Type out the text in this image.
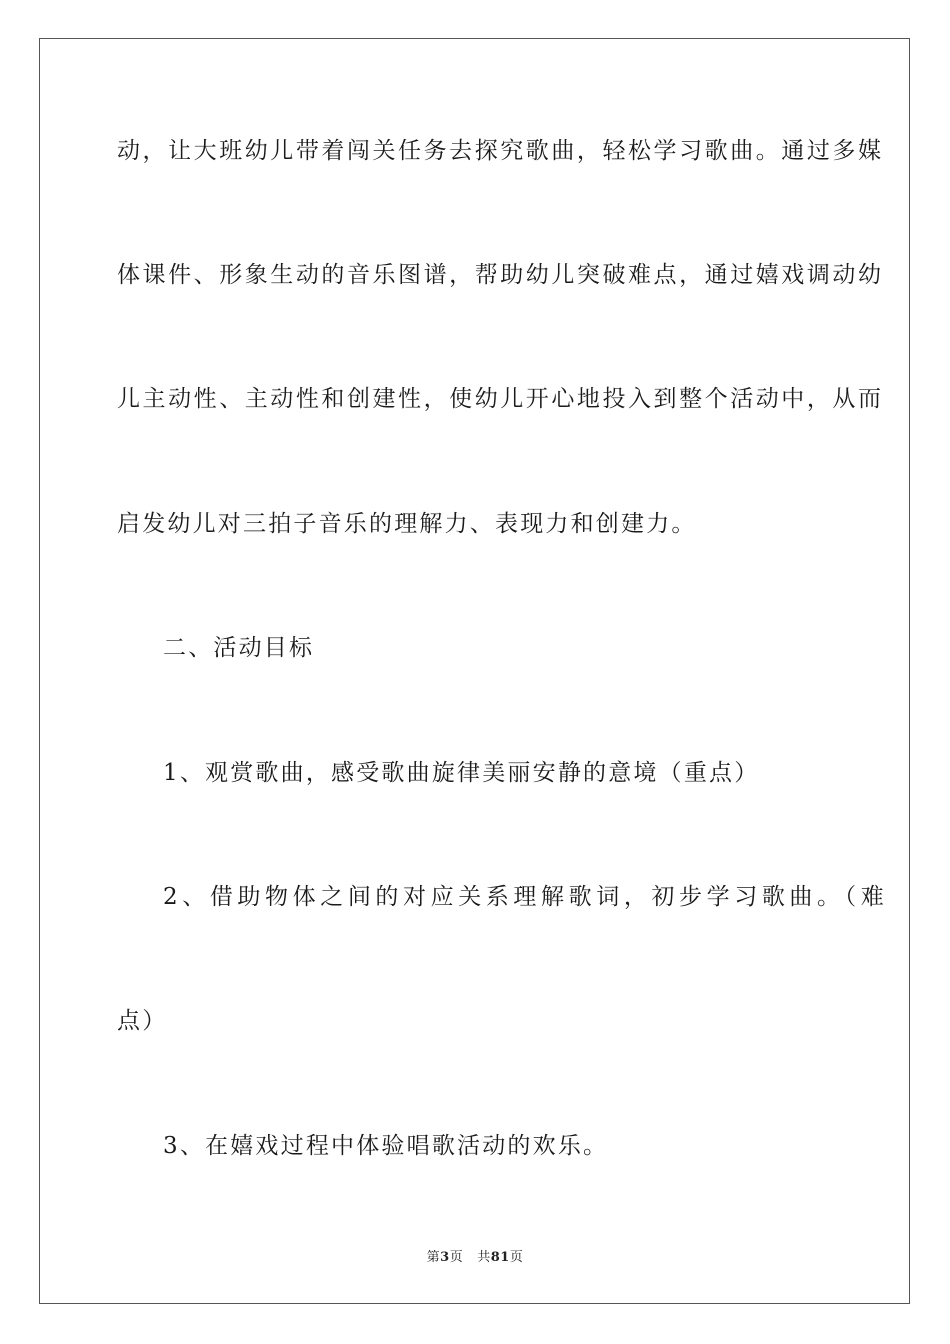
动，让大班幼儿带着闯关任务去探究歌曲，轻松学习歌曲。通过多媒
体课件、形象生动的音乐图谱，帮助幼儿突破难点，通过嬉戏调动幼
儿主动性、主动性和创建性，使幼儿开心地投入到整个活动中，从而
启发幼儿对三拍子音乐的理解力、表现力和创建力。
二、活动目标
1、观赏歌曲，感受歌曲旋律美丽安静的意境（重点）
2、借助物体之间的对应关系理解歌词，初步学习歌曲。（难
点）
3、在嬉戏过程中体验唱歌活动的欢乐。
第3页 共81页
